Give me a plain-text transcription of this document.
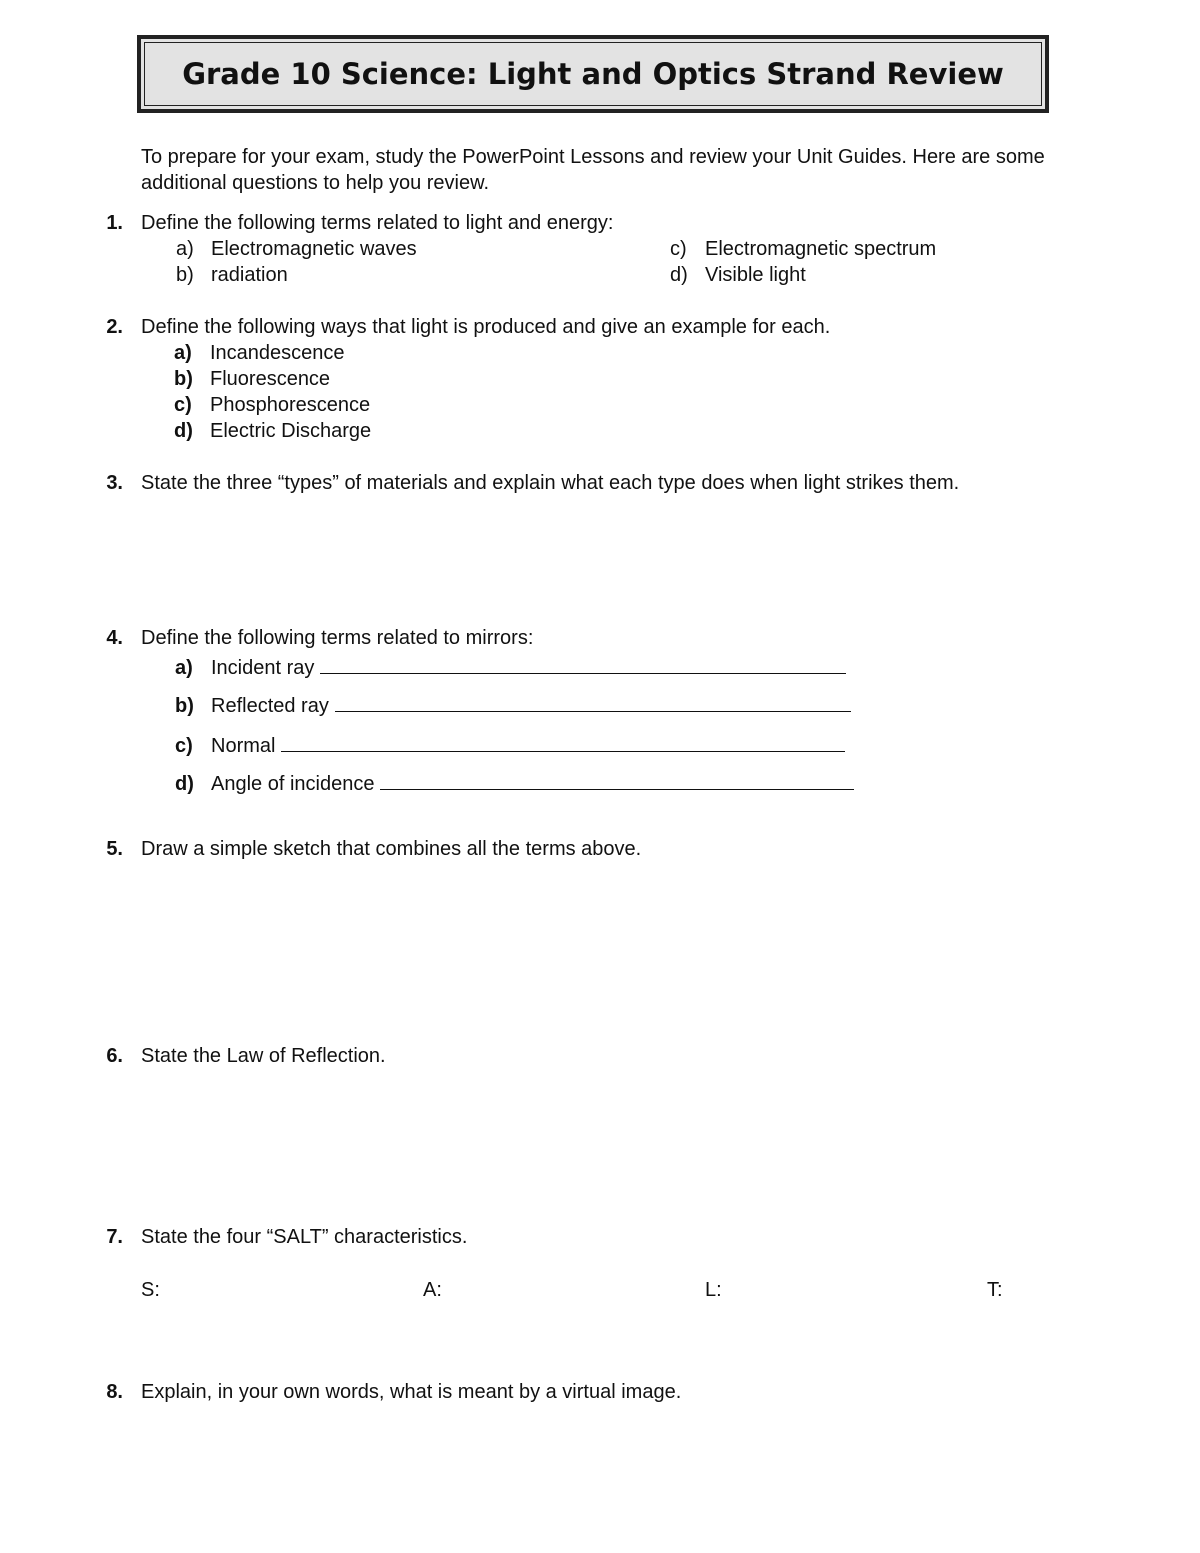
Grade 10 Science: Light and Optics Strand Review
To prepare for your exam, study the PowerPoint Lessons and review your Unit Guides. Here are some additional questions to help you review.
1. Define the following terms related to light and energy:
a) Electromagnetic waves
b) radiation
c) Electromagnetic spectrum
d) Visible light
2. Define the following ways that light is produced and give an example for each.
a) Incandescence
b) Fluorescence
c) Phosphorescence
d) Electric Discharge
3. State the three “types” of materials and explain what each type does when light strikes them.
4. Define the following terms related to mirrors:
a) Incident ray
b) Reflected ray
c) Normal
d) Angle of incidence
5. Draw a simple sketch that combines all the terms above.
6. State the Law of Reflection.
7. State the four “SALT” characteristics.
S:	A:	L:	T:
8. Explain, in your own words, what is meant by a virtual image.
